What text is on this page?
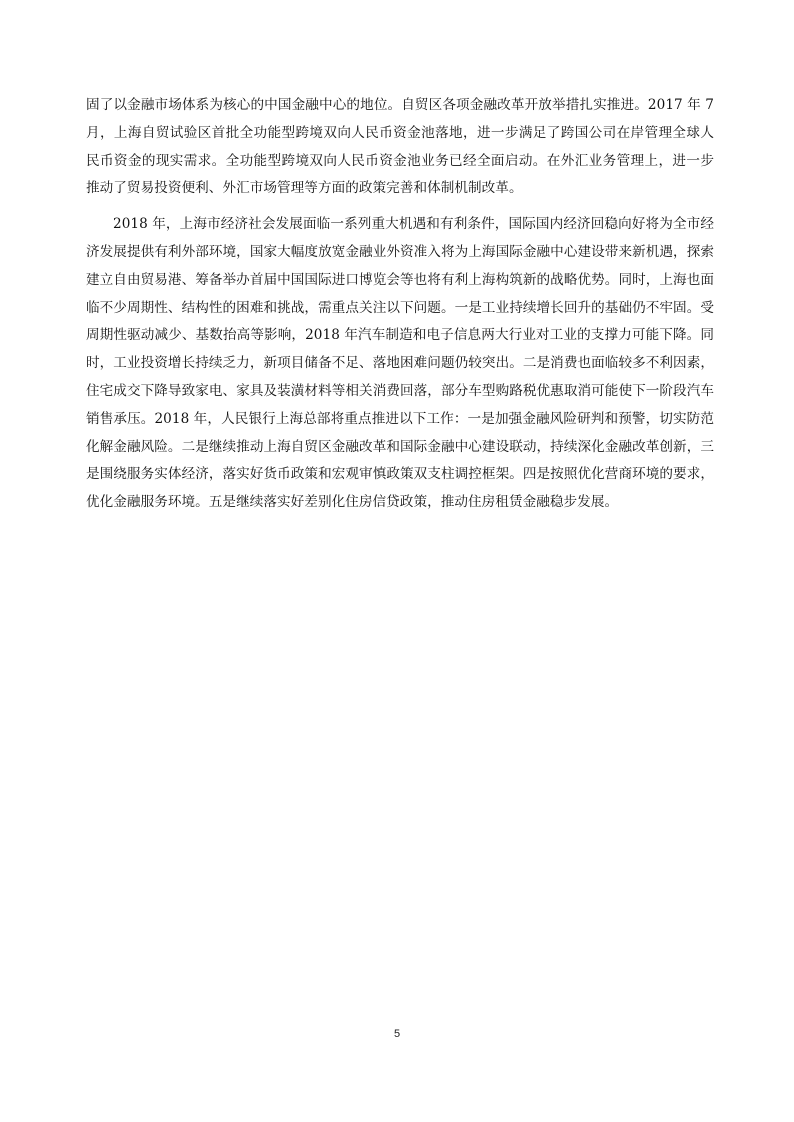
固了以金融市场体系为核心的中国金融中心的地位。自贸区各项金融改革开放举措扎实推进。2017 年 7 月，上海自贸试验区首批全功能型跨境双向人民币资金池落地，进一步满足了跨国公司在岸管理全球人 民币资金的现实需求。全功能型跨境双向人民币资金池业务已经全面启动。在外汇业务管理上，进一步 推动了贸易投资便利、外汇市场管理等方面的政策完善和体制机制改革。

2018 年，上海市经济社会发展面临一系列重大机遇和有利条件，国际国内经济回稳向好将为全市经济发展提供有利外部环境，国家大幅度放宽金融业外资准入将为上海国际金融中心建设带来新机遇，探索建立自由贸易港、筹备举办首届中国国际进口博览会等也将有利上海构筑新的战略优势。同时，上海也面临不少周期性、结构性的困难和挑战，需重点关注以下问题。一是工业持续增长回升的基础仍不牢固。受周期性驱动减少、基数抬高等影响，2018 年汽车制造和电子信息两大行业对工业的支撑力可能下降。同时，工业投资增长持续乏力，新项目储备不足、落地困难问题仍较突出。二是消费也面临较多不利因素，住宅成交下降导致家电、家具及装潢材料等相关消费回落，部分车型购路税优惠取消可能使下一阶段汽车销售承压。2018 年，人民银行上海总部将重点推进以下工作：一是加强金融风险研判和预警，切实防范化解金融风险。二是继续推动上海自贸区金融改革和国际金融中心建设联动，持续深化金融改革创新，三是围绕服务实体经济，落实好货币政策和宏观审慎政策双支柱调控框架。四是按照优化营商环境的要求，优化金融服务环境。五是继续落实好差别化住房信贷政策，推动住房租赁金融稳步发展。

5
